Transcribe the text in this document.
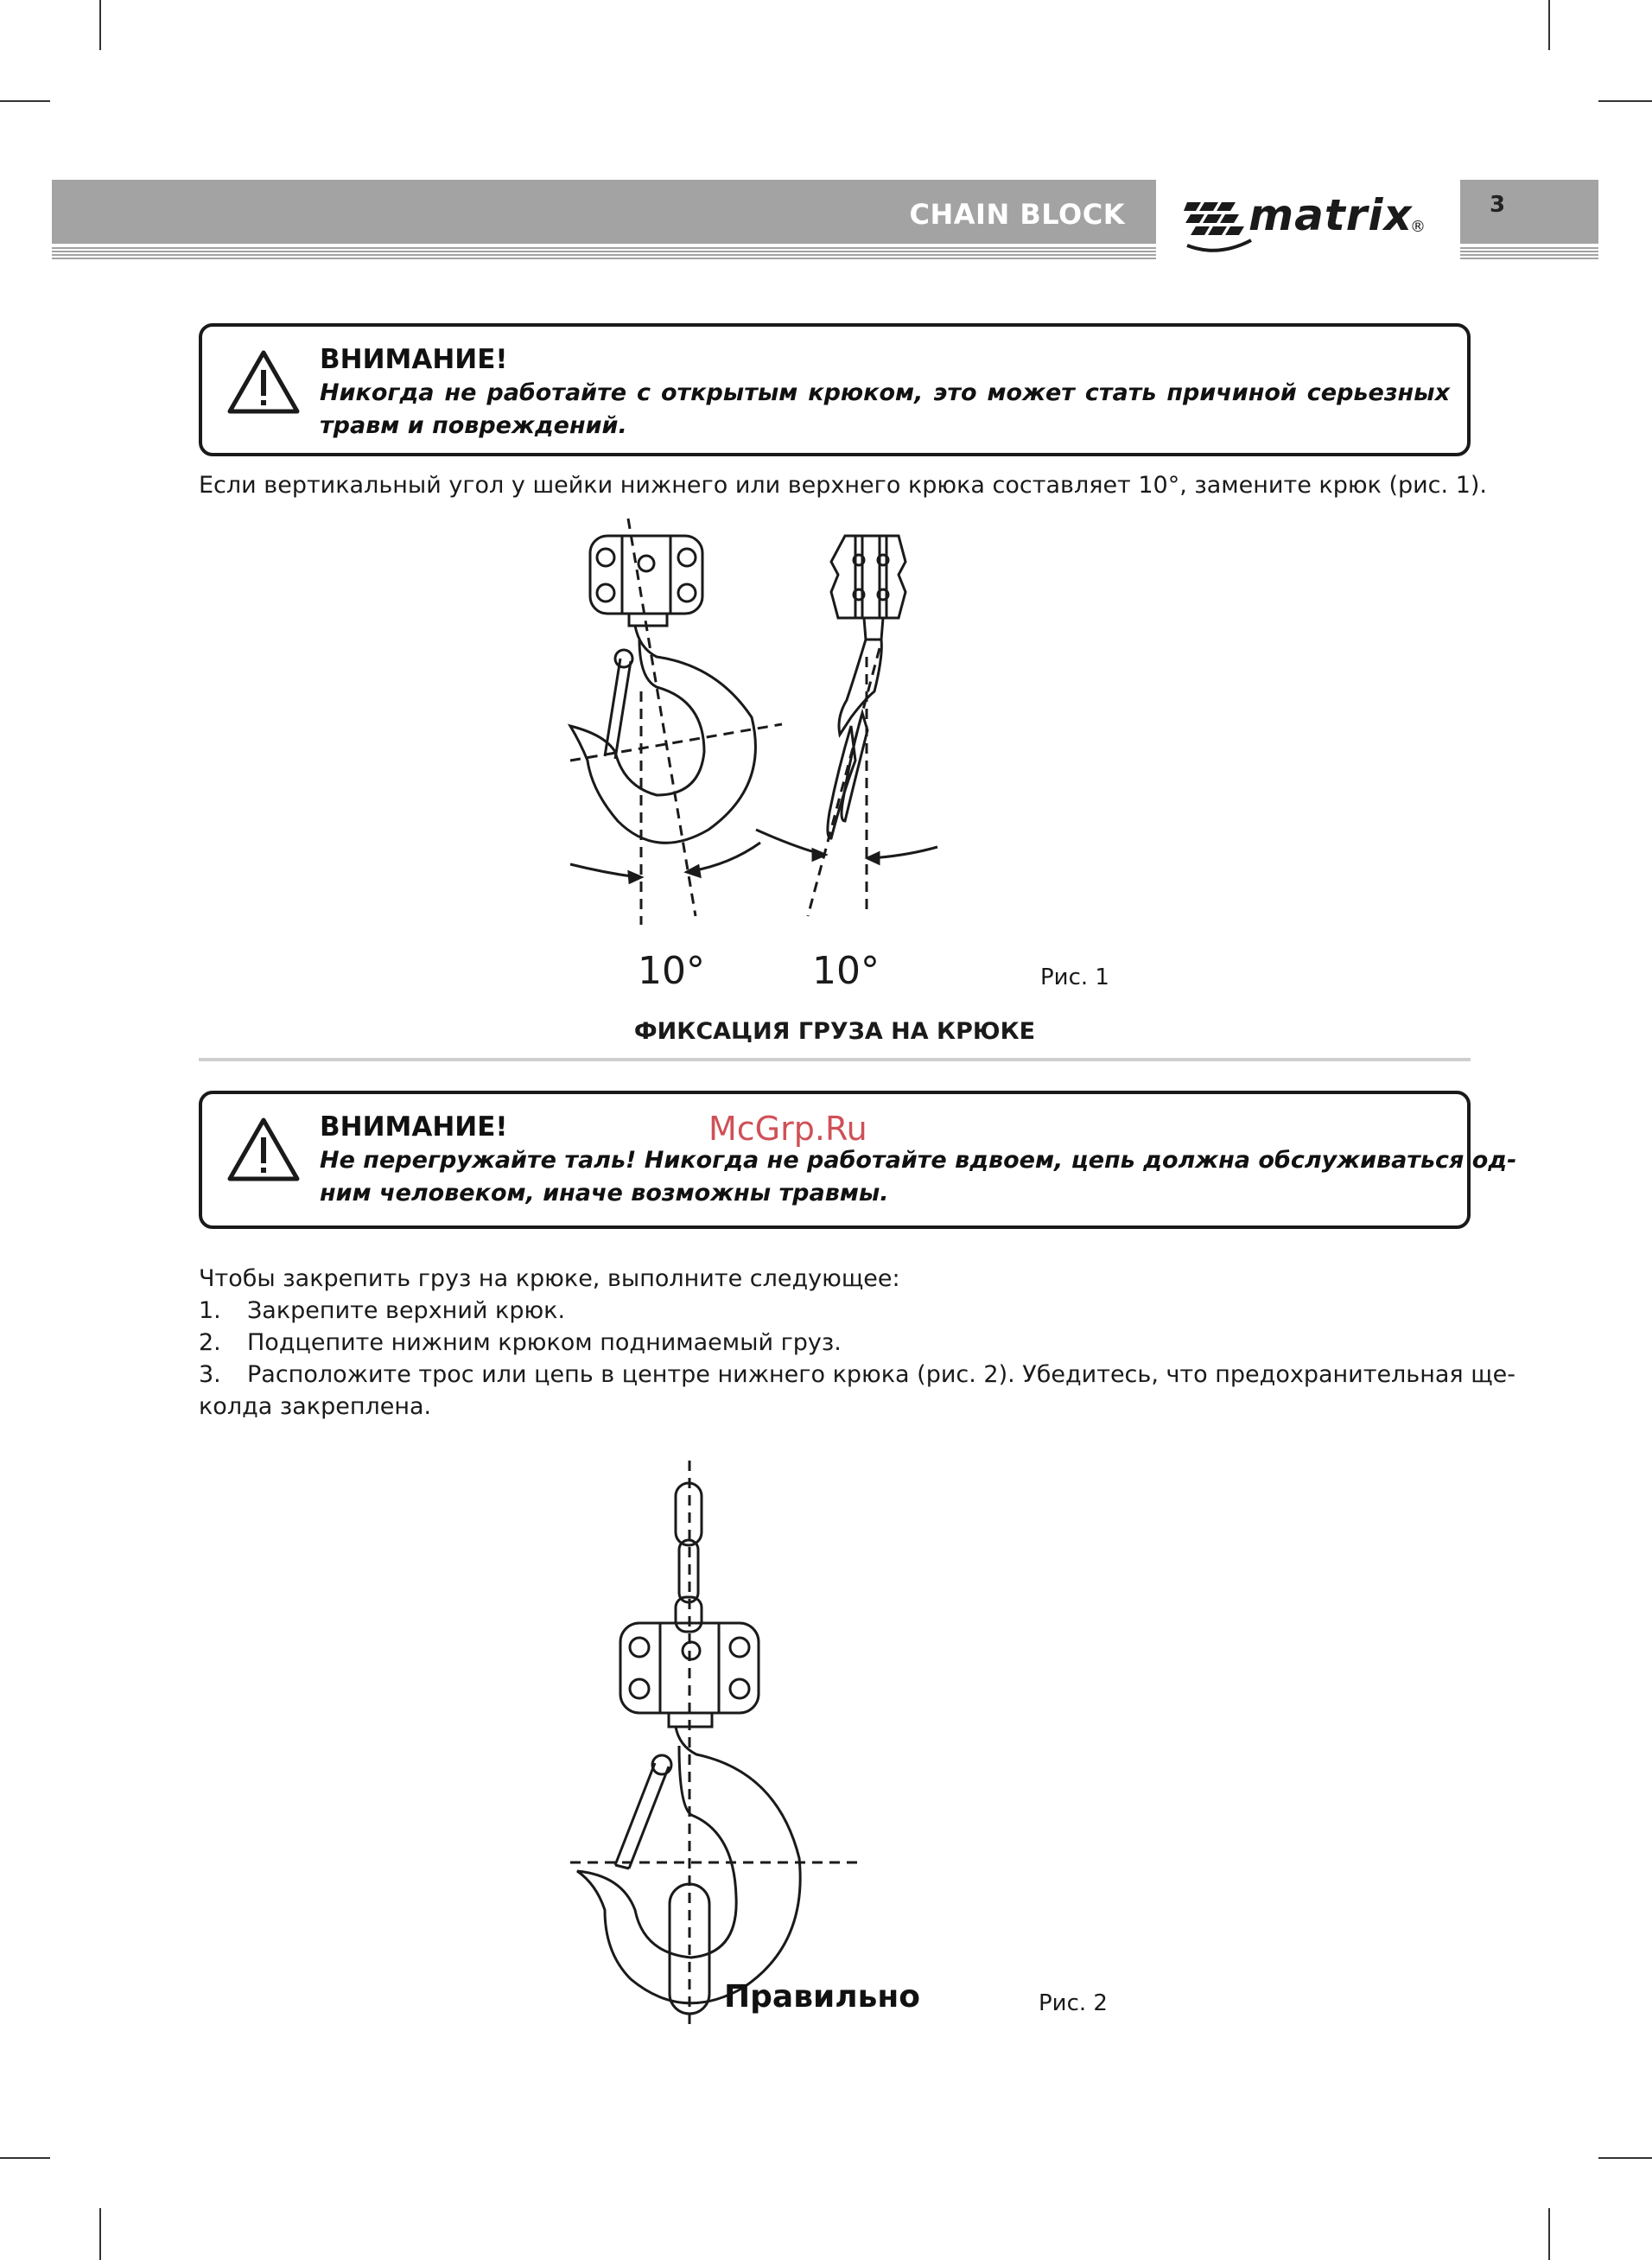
CHAIN BLOCK	matrix
®
3
ВНИМАНИЕ!
Никогда не работайте с открытым крюком, это может стать причиной серьезных травм и повреждений.
Если вертикальный угол у шейки нижнего или верхнего крюка составляет 10°, замените крюк (рис. 1).
10°	10°	Рис. 1
ФИКСАЦИЯ ГРУЗА НА КРЮКЕ
ВНИМАНИЕ!
Не перегружайте таль! Никогда не работайте вдвоем, цепь должна обслуживаться од-
ним человеком, иначе возможны травмы.
McGrp.Ru
Чтобы закрепить груз на крюке, выполните следующее:
1. Закрепите верхний крюк.
2. Подцепите нижним крюком поднимаемый груз.
3. Расположите трос или цепь в центре нижнего крюка (рис. 2). Убедитесь, что предохранительная ще-
колда закреплена.
Правильно	Рис. 2
